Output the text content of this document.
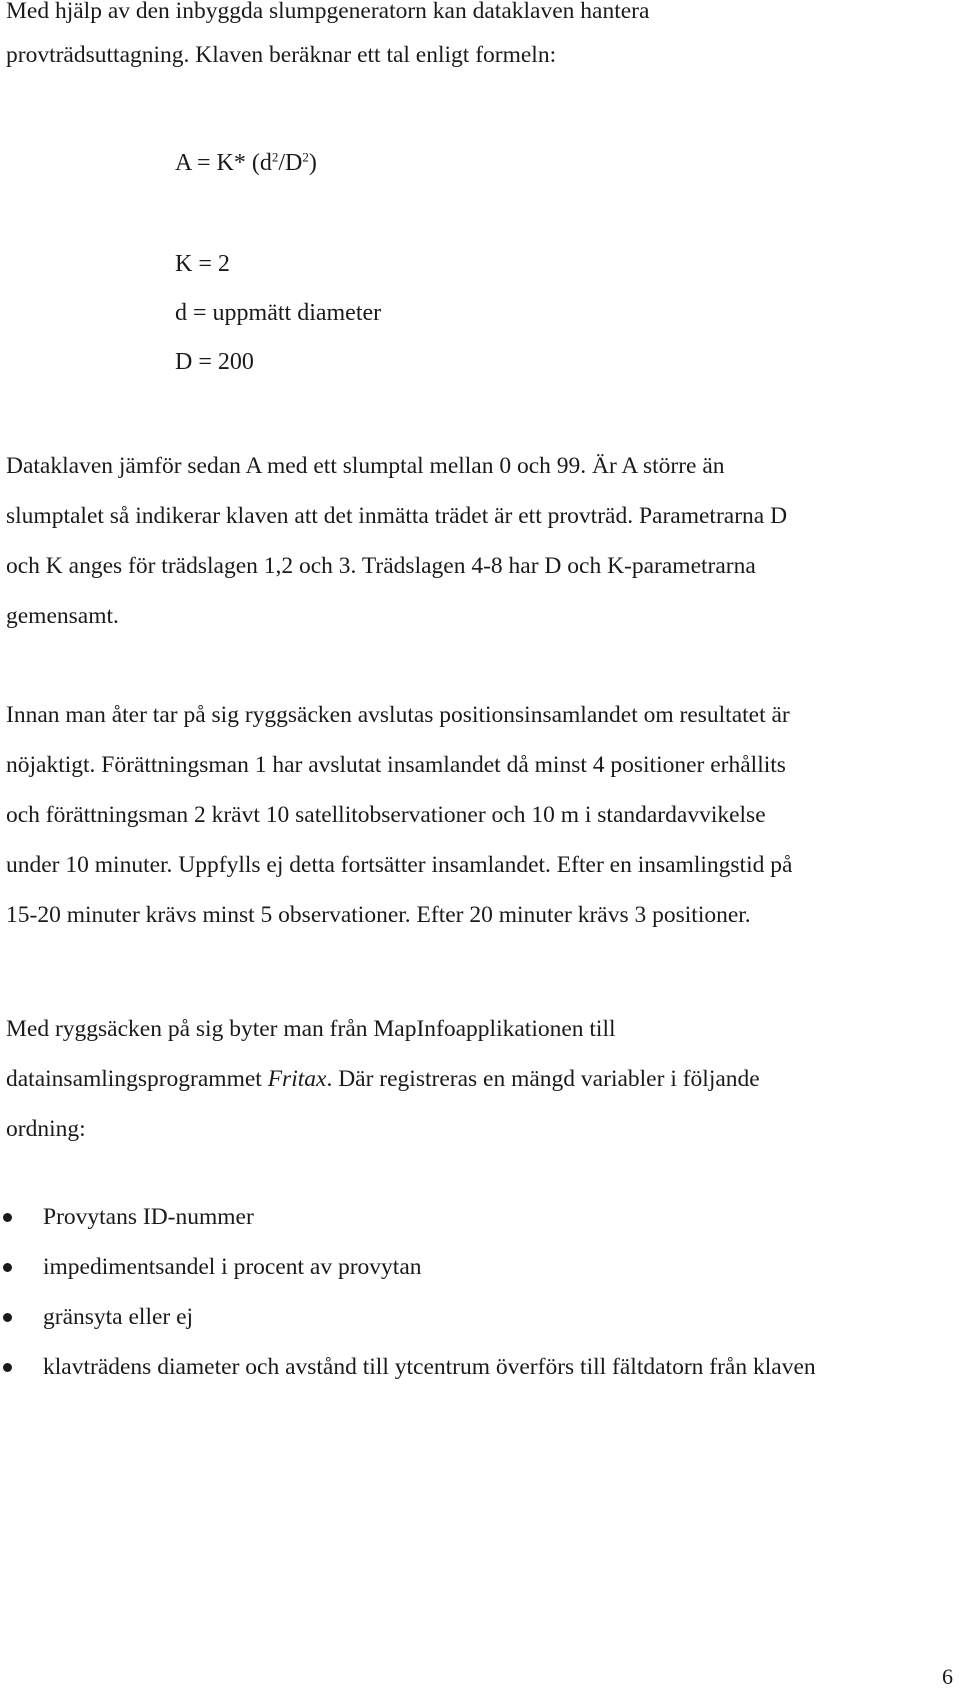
Med hjälp av den inbyggda slumpgeneratorn kan dataklaven hantera
provträdsuttagning. Klaven beräknar ett tal enligt formeln:

A = K* $(d^2/D^2)$
K = 2
d = uppmätt diameter
D = 200

Dataklaven jämför sedan A med ett slumptal mellan 0 och 99. Är A större än
slumptalet så indikerar klaven att det inmätta trädet är ett provträd. Parametrarna D
och K anges för trädslagen 1,2 och 3. Trädslagen 4-8 har D och K-parametrarna
gemensamt.

Innan man åter tar på sig ryggsäcken avslutas positionsinsamlandet om resultatet är
nöjaktigt. Förättningsman 1 har avslutat insamlandet då minst 4 positioner erhållits
och förättningsman 2 krävt 10 satellitobservationer och 10 m i standardavvikelse
under 10 minuter. Uppfylls ej detta fortsätter insamlandet. Efter en insamlingstid på
15-20 minuter krävs minst 5 observationer. Efter 20 minuter krävs 3 positioner.

Med ryggsäcken på sig byter man från MapInfoapplikationen till
datainsamlingsprogrammet Fritax. Där registreras en mängd variabler i följande
ordning:

Provytans ID-nummer
impedimentsandel i procent av provytan
gränsyta eller ej
klavträdens diameter och avstånd till ytcentrum överförs till fältdatorn från klaven
6
